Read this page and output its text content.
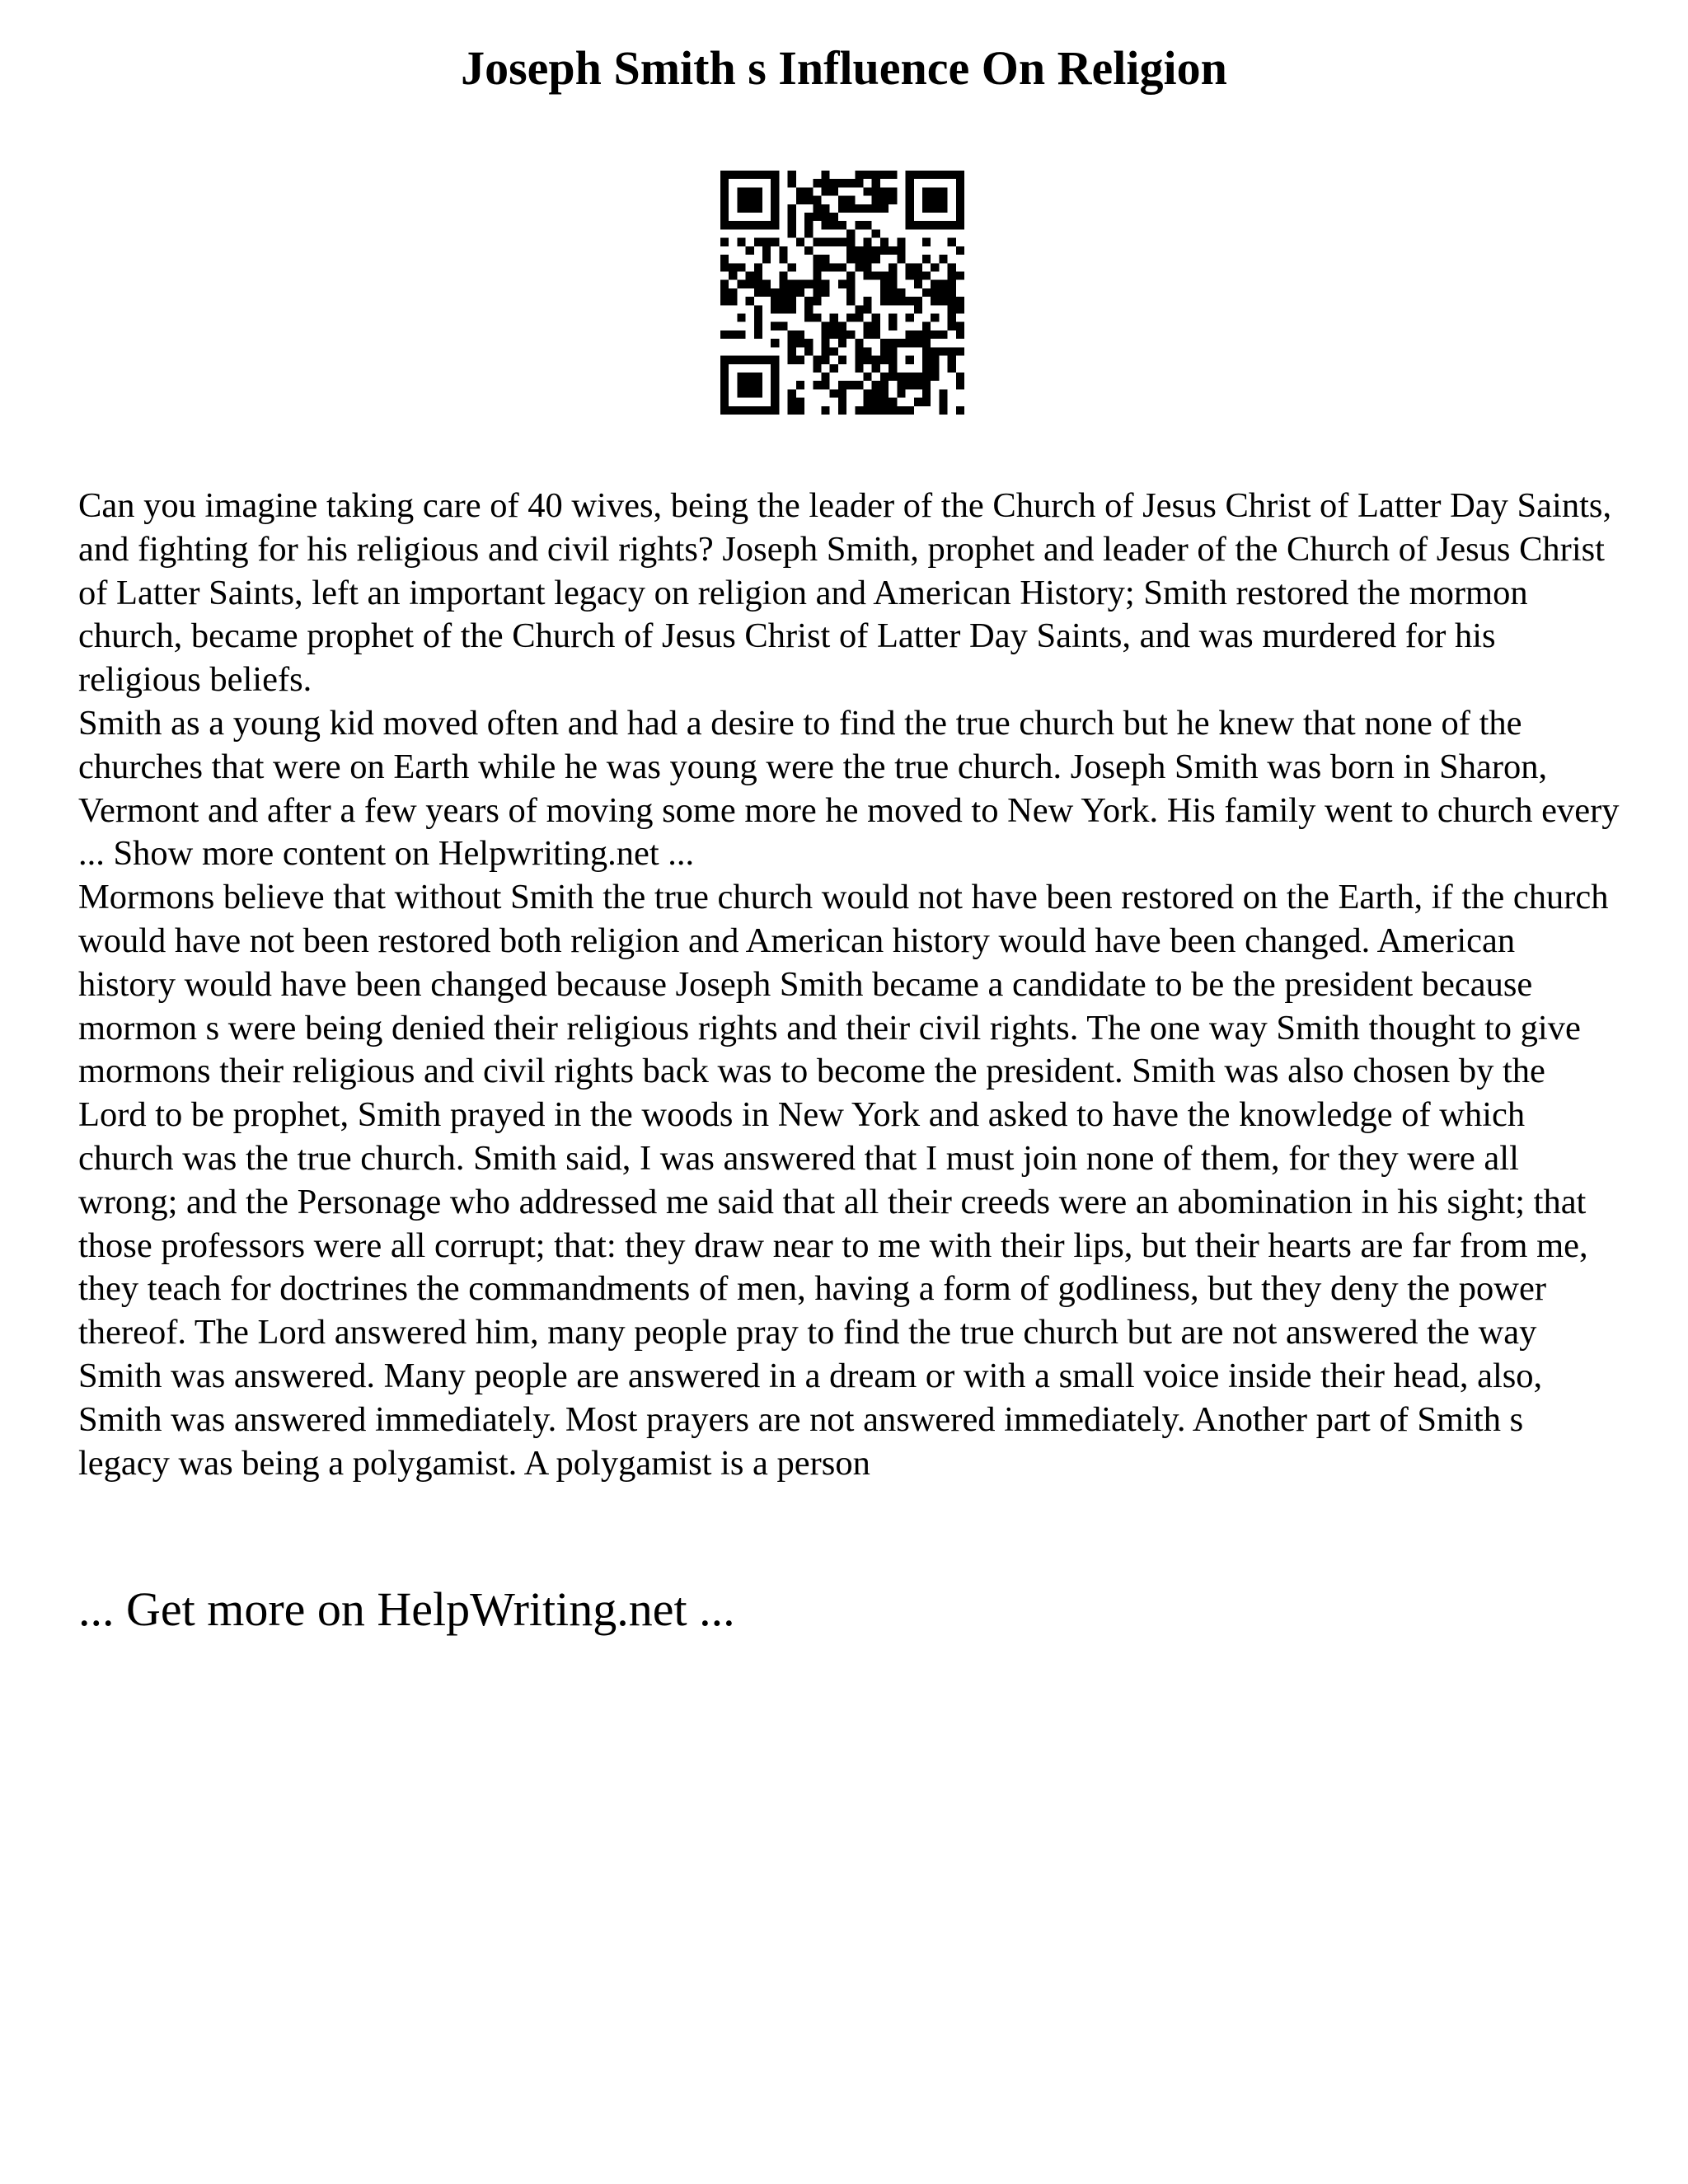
Joseph Smith s Influence On Religion

Can you imagine taking care of 40 wives, being the leader of the Church of Jesus Christ of Latter Day Saints, and fighting for his religious and civil rights? Joseph Smith, prophet and leader of the Church of Jesus Christ of Latter Saints, left an important legacy on religion and American History; Smith restored the mormon church, became prophet of the Church of Jesus Christ of Latter Day Saints, and was murdered for his religious beliefs.

Smith as a young kid moved often and had a desire to find the true church but he knew that none of the churches that were on Earth while he was young were the true church. Joseph Smith was born in Sharon, Vermont and after a few years of moving some more he moved to New York. His family went to church every ... Show more content on Helpwriting.net ...

Mormons believe that without Smith the true church would not have been restored on the Earth, if the church would have not been restored both religion and American history would have been changed. American history would have been changed because Joseph Smith became a candidate to be the president because mormon s were being denied their religious rights and their civil rights. The one way Smith thought to give mormons their religious and civil rights back was to become the president. Smith was also chosen by the Lord to be prophet, Smith prayed in the woods in New York and asked to have the knowledge of which church was the true church. Smith said, I was answered that I must join none of them, for they were all wrong; and the Personage who addressed me said that all their creeds were an abomination in his sight; that those professors were all corrupt; that: they draw near to me with their lips, but their hearts are far from me, they teach for doctrines the commandments of men, having a form of godliness, but they deny the power thereof. The Lord answered him, many people pray to find the true church but are not answered the way Smith was answered. Many people are answered in a dream or with a small voice inside their head, also, Smith was answered immediately. Most prayers are not answered immediately. Another part of Smith s legacy was being a polygamist. A polygamist is a person

... Get more on HelpWriting.net ...
